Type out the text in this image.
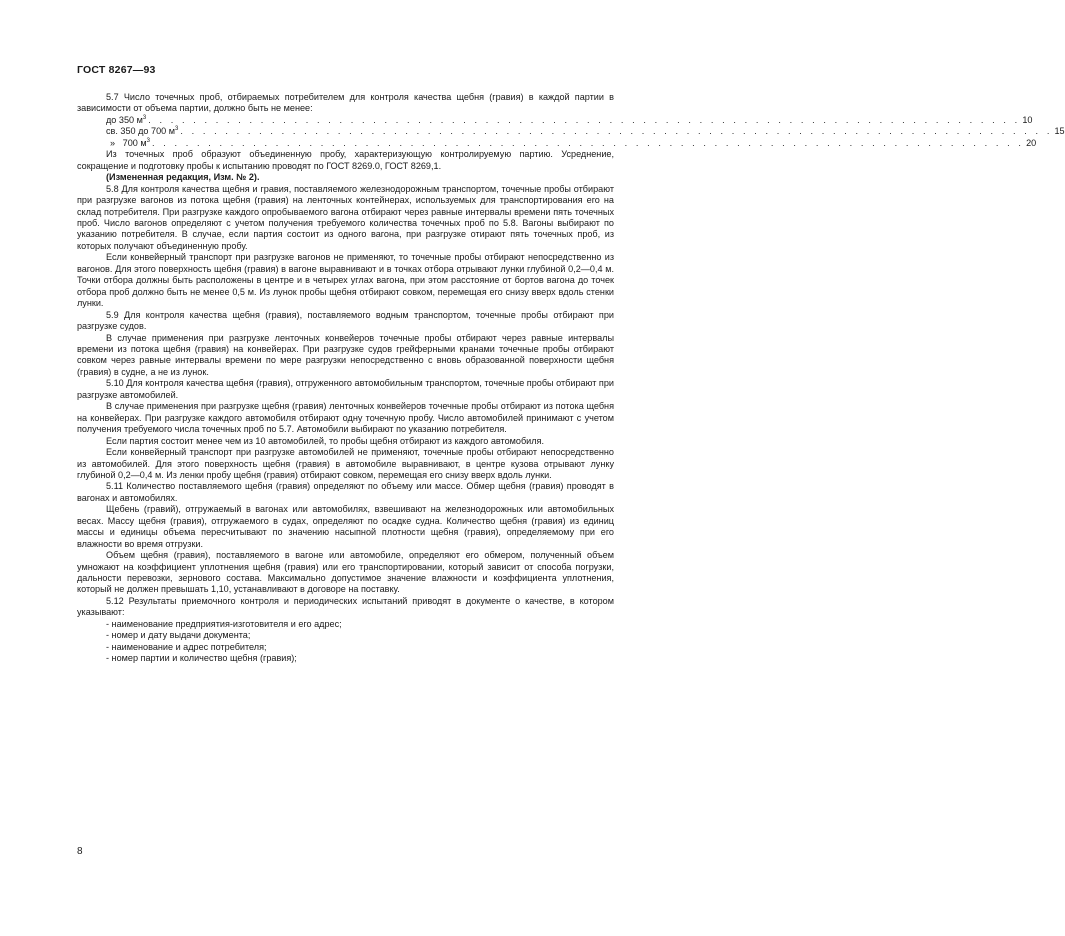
ГОСТ 8267—93

5.7 Число точечных проб, отбираемых потребителем для контроля качества щебня (гравия) в каждой партии в зависимости от объема партии, должно быть не менее:

до 350 $м^3$ . . . . . . . . . . . . . . . . . . . . . . . . . . . . . . . . . . . . . . . . . . . . . . . . . . . . . . . . . . . . . . . . . . . . . . . . . . . . . . 10
св. 350 до 700 $м^3$ . . . . . . . . . . . . . . . . . . . . . . . . . . . . . . . . . . . . . . . . . . . . . . . . . . . . . . . . . . . . . . . . . . . . . . . . . . . . . . 15
»   700 $м^3$ . . . . . . . . . . . . . . . . . . . . . . . . . . . . . . . . . . . . . . . . . . . . . . . . . . . . . . . . . . . . . . . . . . . . . . . . . . . . . . 20

Из точечных проб образуют объединенную пробу, характеризующую контролируемую партию. Усреднение, сокращение и подготовку пробы к испытанию проводят по ГОСТ 8269.0, ГОСТ 8269,1.

(Измененная редакция, Изм. № 2).

5.8 Для контроля качества щебня и гравия, поставляемого железнодорожным транспортом, точечные пробы отбирают при разгрузке вагонов из потока щебня (гравия) на ленточных контейнерах, используемых для транспортирования его на склад потребителя. При разгрузке каждого опробываемого вагона отбирают через равные интервалы времени пять точечных проб. Число вагонов определяют с учетом получения требуемого количества точечных проб по 5.8. Вагоны выбирают по указанию потребителя. В случае, если партия состоит из одного вагона, при разгрузке отирают пять точечных проб, из которых получают объединенную пробу.

Если конвейерный транспорт при разгрузке вагонов не применяют, то точечные пробы отбирают непосредственно из вагонов. Для этого поверхность щебня (гравия) в вагоне выравнивают и в точках отбора отрывают лунки глубиной 0,2—0,4 м. Точки отбора должны быть расположены в центре и в четырех углах вагона, при этом расстояние от бортов вагона до точек отбора проб должно быть не менее 0,5 м. Из лунок пробы щебня отбирают совком, перемещая его снизу вверх вдоль стенки лунки.

5.9 Для контроля качества щебня (гравия), поставляемого водным транспортом, точечные пробы отбирают при разгрузке судов.

В случае применения при разгрузке ленточных конвейеров точечные пробы отбирают через равные интервалы времени из потока щебня (гравия) на конвейерах. При разгрузке судов грейферными кранами точечные пробы отбирают совком через равные интервалы времени по мере разгрузки непосредственно с вновь образованной поверхности щебня (гравия) в судне, а не из лунок.

5.10 Для контроля качества щебня (гравия), отгруженного автомобильным транспортом, точечные пробы отбирают при разгрузке автомобилей.

В случае применения при разгрузке щебня (гравия) ленточных конвейеров точечные пробы отбирают из потока щебня на конвейерах. При разгрузке каждого автомобиля отбирают одну точечную пробу. Число автомобилей принимают с учетом получения требуемого числа точечных проб по 5.7. Автомобили выбирают по указанию потребителя.

Если партия состоит менее чем из 10 автомобилей, то пробы щебня отбирают из каждого автомобиля.

Если конвейерный транспорт при разгрузке автомобилей не применяют, точечные пробы отбирают непосредственно из автомобилей. Для этого поверхность щебня (гравия) в автомобиле выравнивают, в центре кузова отрывают лунку глубиной 0,2—0,4 м. Из ленки пробу щебня (гравия) отбирают совком, перемещая его снизу вверх вдоль лунки.

5.11 Количество поставляемого щебня (гравия) определяют по объему или массе. Обмер щебня (гравия) проводят в вагонах и автомобилях.

Щебень (гравий), отгружаемый в вагонах или автомобилях, взвешивают на железнодорожных или автомобильных весах. Массу щебня (гравия), отгружаемого в судах, определяют по осадке судна. Количество щебня (гравия) из единиц массы и единицы объема пересчитывают по значению насыпной плотности щебня (гравия), определяемому при его влажности во время отгрузки.

Объем щебня (гравия), поставляемого в вагоне или автомобиле, определяют его обмером, полученный объем умножают на коэффициент уплотнения щебня (гравия) или его транспортировании, который зависит от способа погрузки, дальности перевозки, зернового состава. Максимально допустимое значение влажности и коэффициента уплотнения, который не должен превышать 1,10, устанавливают в договоре на поставку.

5.12 Результаты приемочного контроля и периодических испытаний приводят в документе о качестве, в котором указывают:

- наименование предприятия-изготовителя и его адрес;

- номер и дату выдачи документа;

- наименование и адрес потребителя;

- номер партии и количество щебня (гравия);

8
